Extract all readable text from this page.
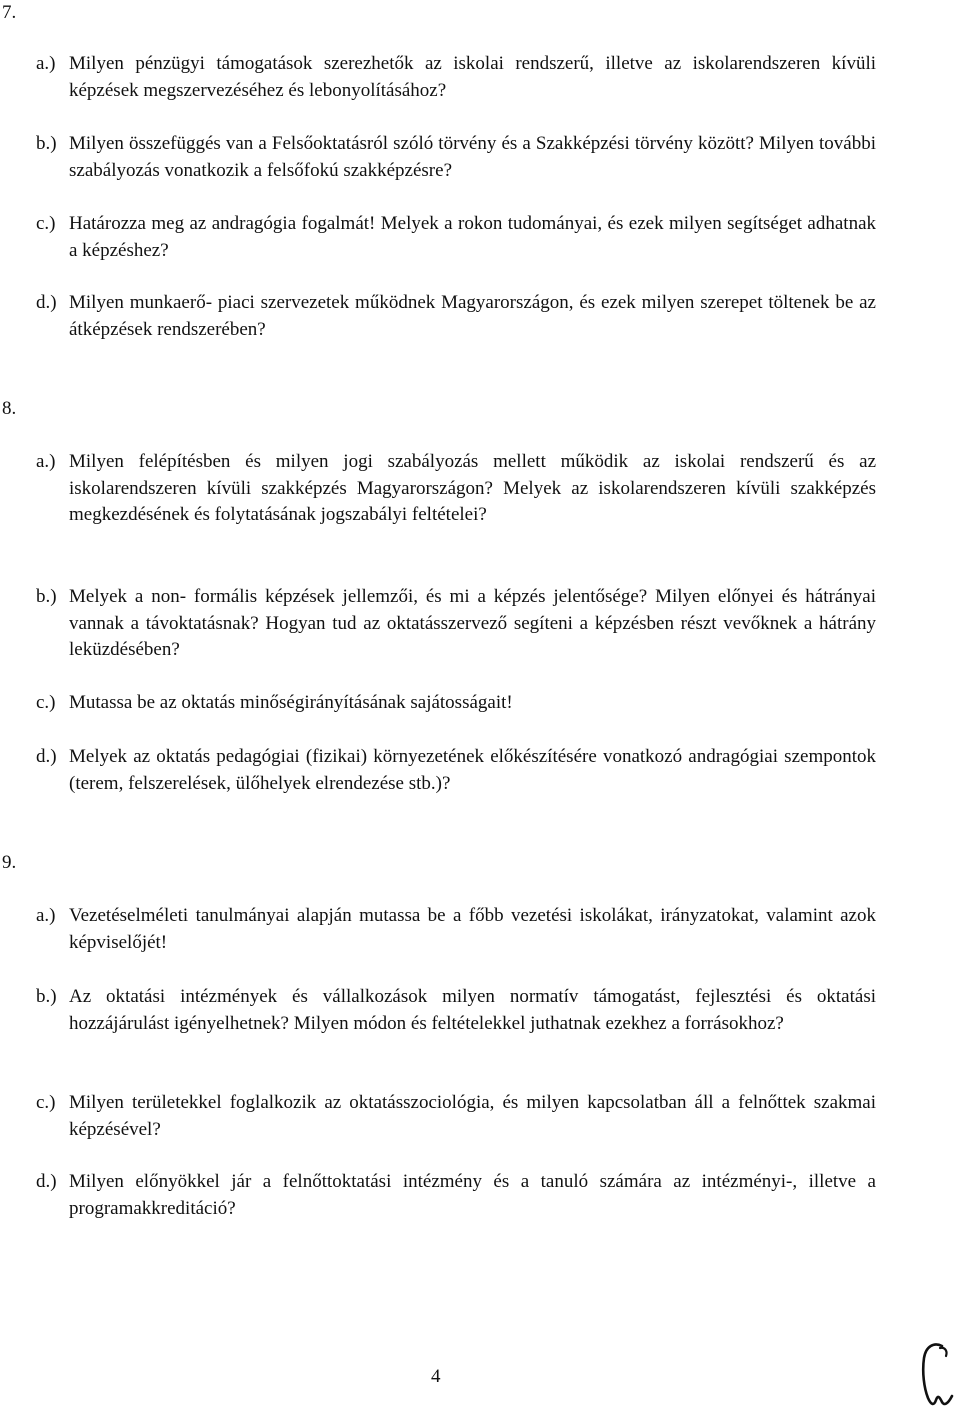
7.
a.) Milyen pénzügyi támogatások szerezhetők az iskolai rendszerű, illetve az iskolarendszeren kívüli képzések megszervezéséhez és lebonyolításához?
b.) Milyen összefüggés van a Felsőoktatásról szóló törvény és a Szakképzési törvény között? Milyen további szabályozás vonatkozik a felsőfokú szakképzésre?
c.) Határozza meg az andragógia fogalmát! Melyek a rokon tudományai, és ezek milyen segítséget adhatnak a képzéshez?
d.) Milyen munkaerő- piaci szervezetek működnek Magyarországon, és ezek milyen szerepet töltenek be az átképzések rendszerében?
8.
a.) Milyen felépítésben és milyen jogi szabályozás mellett működik az iskolai rendszerű és az iskolarendszeren kívüli szakképzés Magyarországon? Melyek az iskolarendszeren kívüli szakképzés megkezdésének és folytatásának jogszabályi feltételei?
b.) Melyek a non- formális képzések jellemzői, és mi a képzés jelentősége? Milyen előnyei és hátrányai vannak a távoktatásnak? Hogyan tud az oktatásszervező segíteni a képzésben részt vevőknek a hátrány leküzdésében?
c.) Mutassa be az oktatás minőségirányításának sajátosságait!
d.) Melyek az oktatás pedagógiai (fizikai) környezetének előkészítésére vonatkozó andragógiai szempontok (terem, felszerelések, ülőhelyek elrendezése stb.)?
9.
a.) Vezetéselméleti tanulmányai alapján mutassa be a főbb vezetési iskolákat, irányzatokat, valamint azok képviselőjét!
b.) Az oktatási intézmények és vállalkozások milyen normatív támogatást, fejlesztési és oktatási hozzájárulást igényelhetnek? Milyen módon és feltételekkel juthatnak ezekhez a forrásokhoz?
c.) Milyen területekkel foglalkozik az oktatásszociológia, és milyen kapcsolatban áll a felnőttek szakmai képzésével?
d.) Milyen előnyökkel jár a felnőttoktatási intézmény és a tanuló számára az intézményi-, illetve a programakkreditáció?
4
